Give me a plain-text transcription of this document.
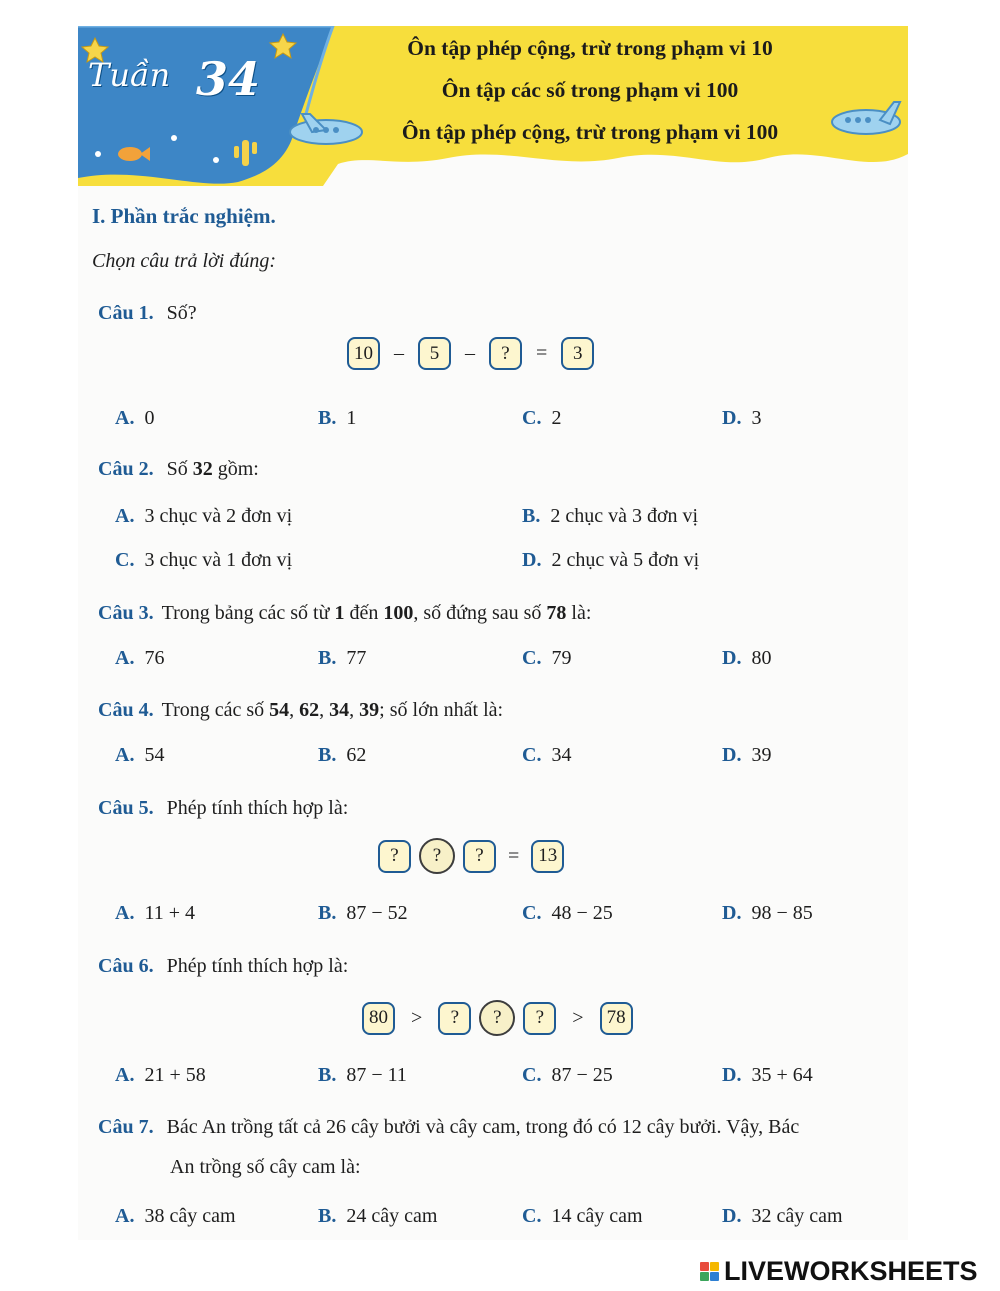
Tuần 34
Ôn tập phép cộng, trừ trong phạm vi 10
Ôn tập các số trong phạm vi 100
Ôn tập phép cộng, trừ trong phạm vi 100
I. Phần trắc nghiệm.
Chọn câu trả lời đúng:
Câu 1. Số?
10	–	5	–	?	=	3
A. 0	B. 1	C. 2	D. 3
Câu 2. Số 32 gồm:
A. 3 chục và 2 đơn vị	B. 2 chục và 3 đơn vị
C. 3 chục và 1 đơn vị	D. 2 chục và 5 đơn vị
Câu 3. Trong bảng các số từ 1 đến 100, số đứng sau số 78 là:
A. 76	B. 77	C. 79	D. 80
Câu 4. Trong các số 54, 62, 34, 39; số lớn nhất là:
A. 54	B. 62	C. 34	D. 39
Câu 5. Phép tính thích hợp là:
?	?	?	=	13
A. 11 + 4	B. 87 − 52	C. 48 − 25	D. 98 − 85
Câu 6. Phép tính thích hợp là:
80	>	?	?	?	>	78
A. 21 + 58	B. 87 − 11	C. 87 − 25	D. 35 + 64
Câu 7. Bác An trồng tất cả 26 cây bưởi và cây cam, trong đó có 12 cây bưởi. Vậy, Bác
An trồng số cây cam là:
A. 38 cây cam	B. 24 cây cam	C. 14 cây cam	D. 32 cây cam
LIVEWORKSHEETS
